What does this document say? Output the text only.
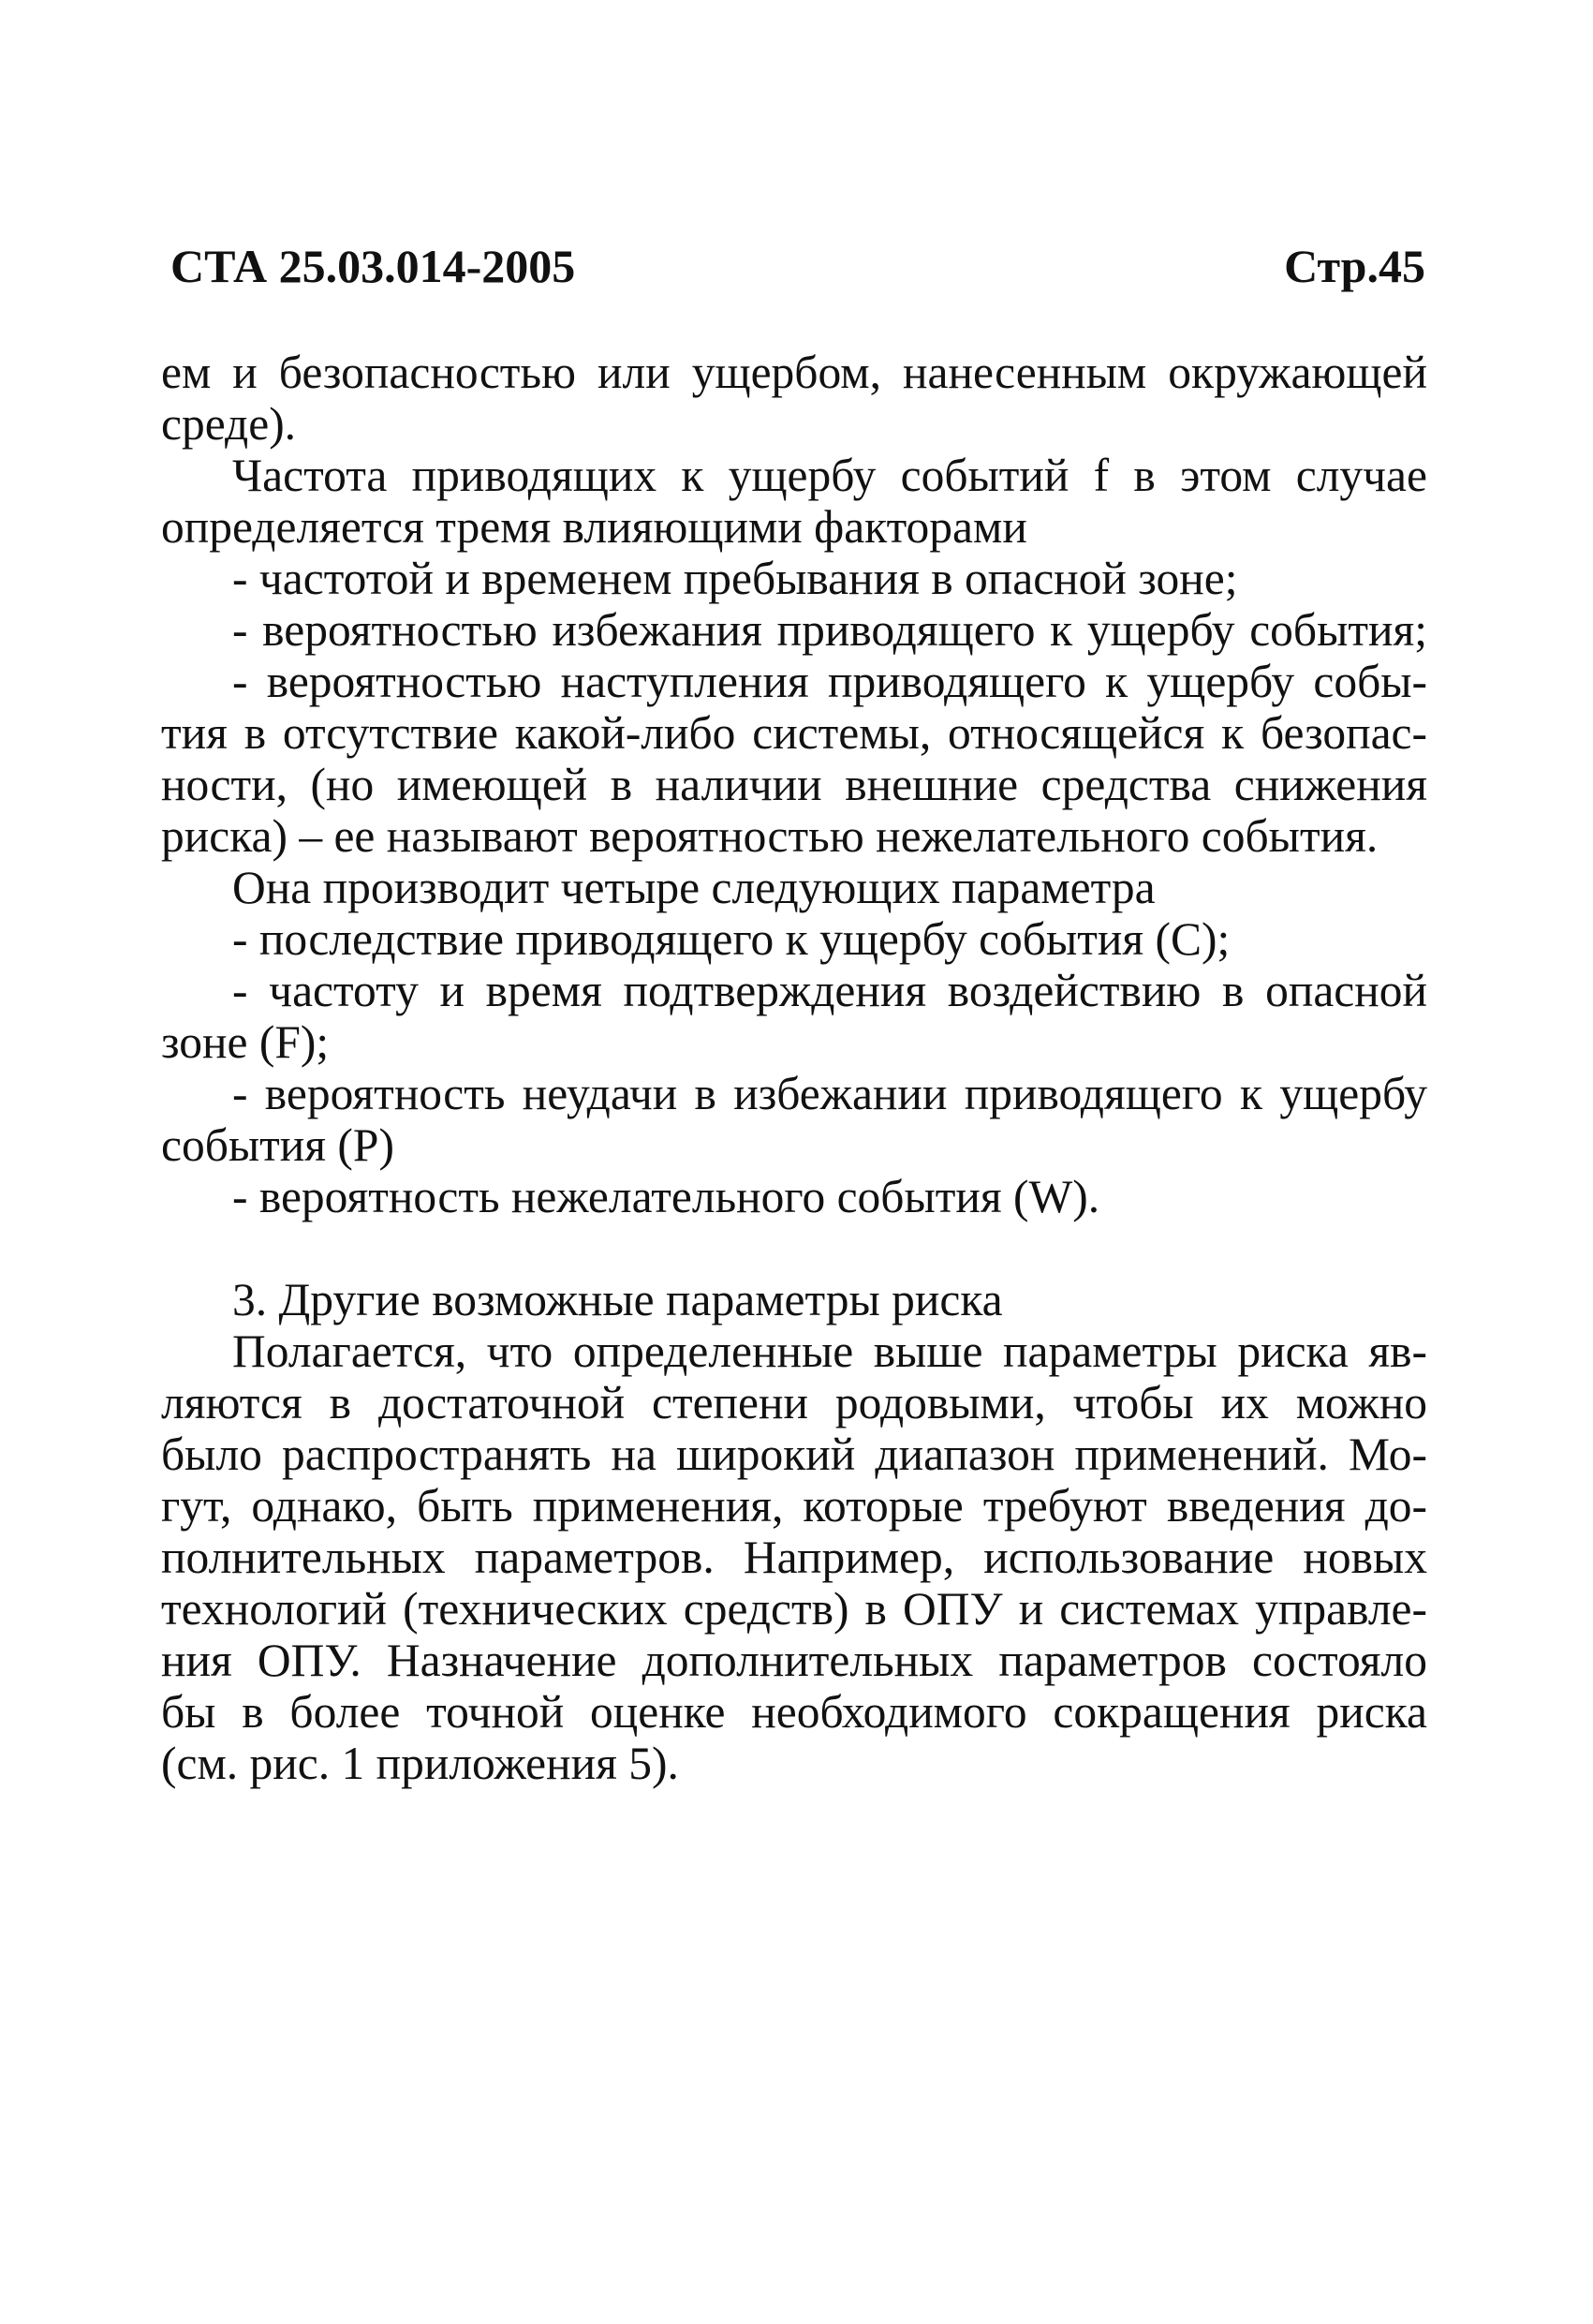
СТА 25.03.014-2005	Стр.45
ем и безопасностью или ущербом, нанесенным окружающей
среде).
Частота приводящих к ущербу событий f в этом случае
определяется тремя влияющими факторами
- частотой и временем пребывания в опасной зоне;
- вероятностью избежания приводящего к ущербу события;
- вероятностью наступления приводящего к ущербу собы-
тия в отсутствие какой-либо системы, относящейся к безопас-
ности, (но имеющей в наличии внешние средства снижения
риска) – ее называют вероятностью нежелательного события.
Она производит четыре следующих параметра
- последствие приводящего к ущербу события (С);
- частоту и время подтверждения воздействию в опасной
зоне (F);
- вероятность неудачи в избежании приводящего к ущербу
события (Р)
- вероятность нежелательного события (W).
3. Другие возможные параметры риска
Полагается, что определенные выше параметры риска яв-
ляются в достаточной степени родовыми, чтобы их можно
было распространять на широкий диапазон применений. Мо-
гут, однако, быть применения, которые требуют введения до-
полнительных параметров. Например, использование новых
технологий (технических средств) в ОПУ и системах управле-
ния ОПУ. Назначение дополнительных параметров состояло
бы в более точной оценке необходимого сокращения риска
(см. рис. 1 приложения 5).
